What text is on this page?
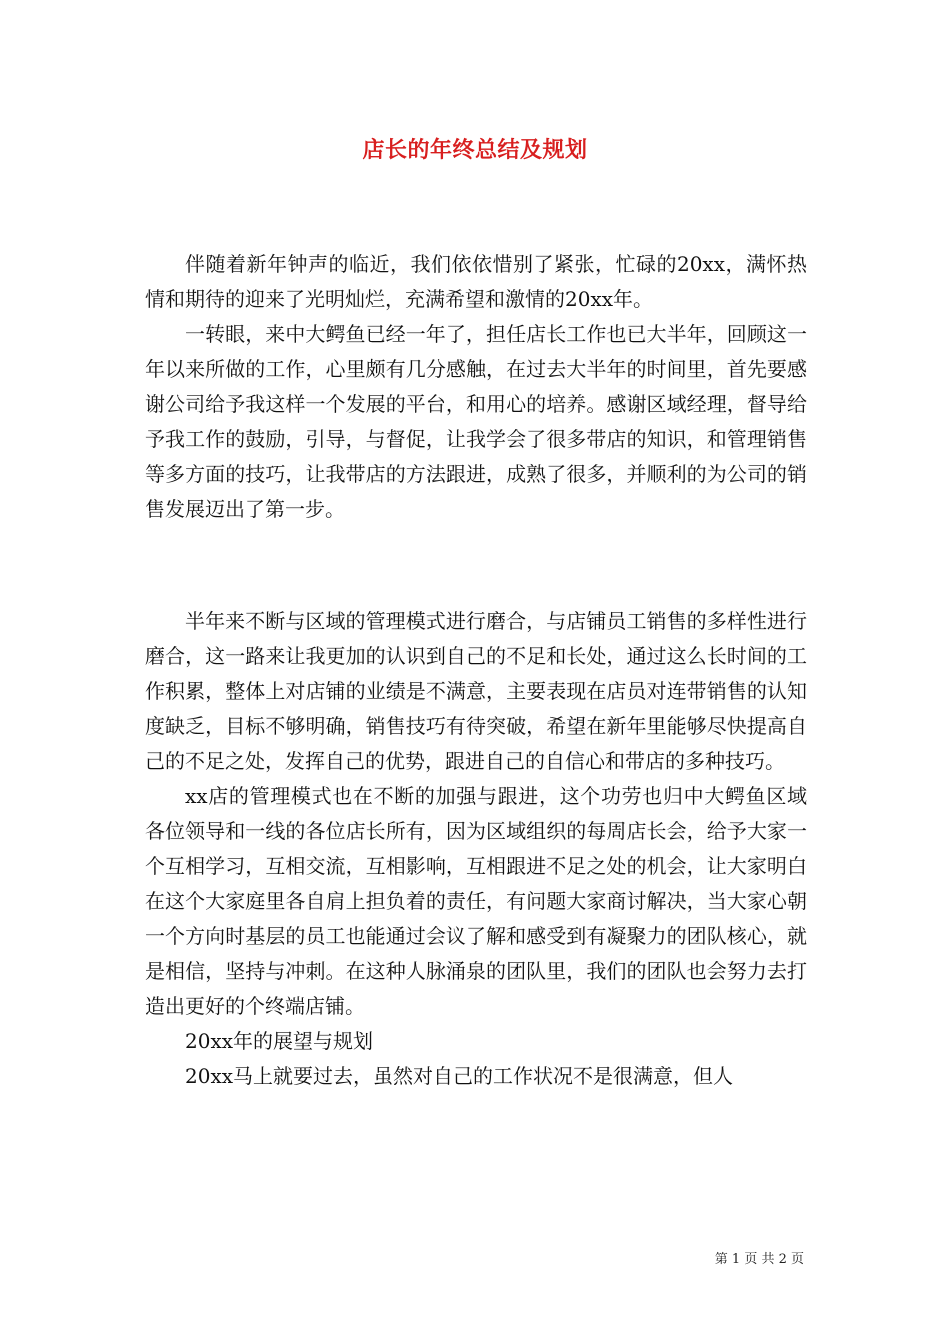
店长的年终总结及规划

伴随着新年钟声的临近，我们依依惜别了紧张，忙碌的20xx，满怀热情和期待的迎来了光明灿烂，充满希望和激情的20xx年。

一转眼，来中大鳄鱼已经一年了，担任店长工作也已大半年，回顾这一年以来所做的工作，心里颇有几分感触，在过去大半年的时间里，首先要感谢公司给予我这样一个发展的平台，和用心的培养。感谢区域经理，督导给予我工作的鼓励，引导，与督促，让我学会了很多带店的知识，和管理销售等多方面的技巧，让我带店的方法跟进，成熟了很多，并顺利的为公司的销售发展迈出了第一步。

半年来不断与区域的管理模式进行磨合，与店铺员工销售的多样性进行磨合，这一路来让我更加的认识到自己的不足和长处，通过这么长时间的工作积累，整体上对店铺的业绩是不满意，主要表现在店员对连带销售的认知度缺乏，目标不够明确，销售技巧有待突破，希望在新年里能够尽快提高自己的不足之处，发挥自己的优势，跟进自己的自信心和带店的多种技巧。

xx店的管理模式也在不断的加强与跟进，这个功劳也归中大鳄鱼区域各位领导和一线的各位店长所有，因为区域组织的每周店长会，给予大家一个互相学习，互相交流，互相影响，互相跟进不足之处的机会，让大家明白在这个大家庭里各自肩上担负着的责任，有问题大家商讨解决，当大家心朝一个方向时基层的员工也能通过会议了解和感受到有凝聚力的团队核心，就是相信，坚持与冲刺。在这种人脉涌泉的团队里，我们的团队也会努力去打造出更好的个终端店铺。

20xx年的展望与规划

20xx马上就要过去，虽然对自己的工作状况不是很满意，但人

第 1 页 共 2 页
